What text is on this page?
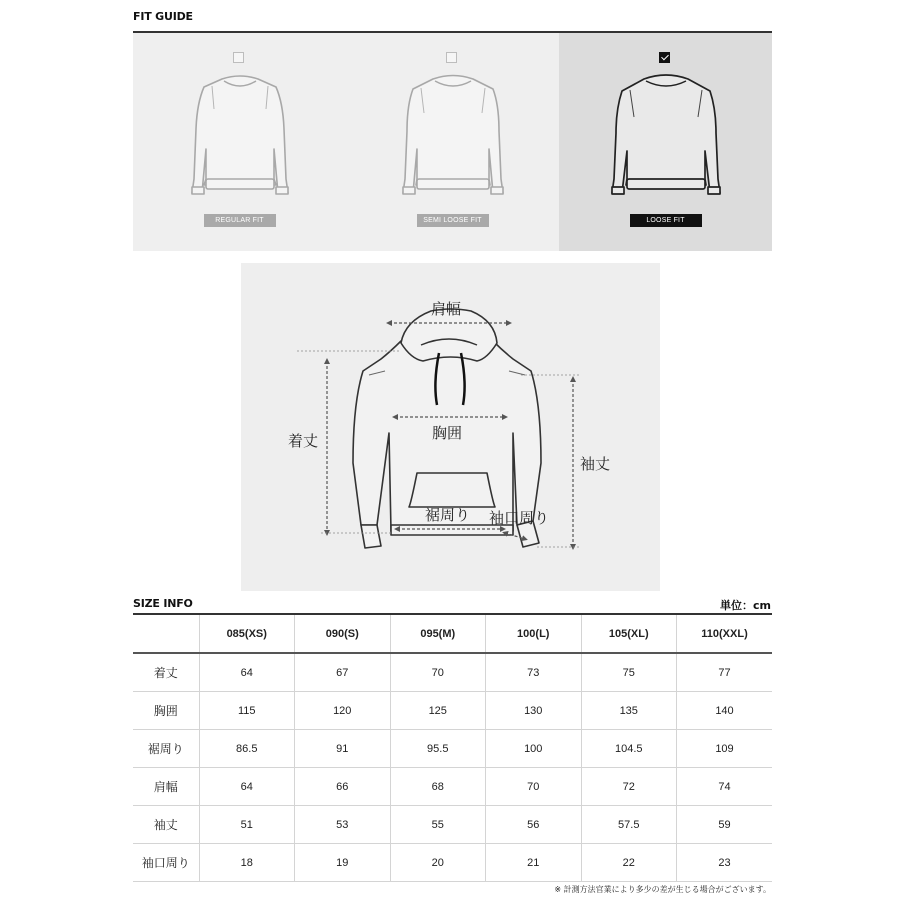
FIT GUIDE
REGULAR FIT	SEMI LOOSE FIT	LOOSE FIT
肩幅
着丈	胸囲
袖丈
裾周り 袖口周り
SIZE INFO	単位：cm
	085(XS)	090(S)	095(M)	100(L)	105(XL)	110(XXL)
着丈	64	67	70	73	75	77
胸囲	115	120	125	130	135	140
裾周り	86.5	91	95.5	100	104.5	109
肩幅	64	66	68	70	72	74
袖丈	51	53	55	56	57.5	59
袖口周り	18	19	20	21	22	23
※ 計測方法官業により多少の差が生じる場合がございます。
